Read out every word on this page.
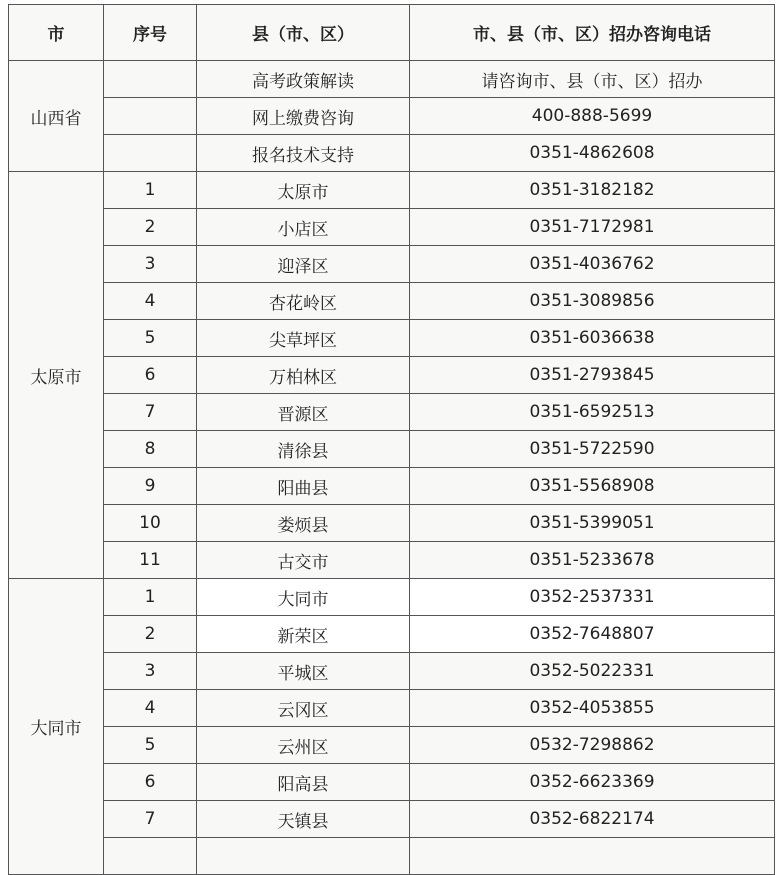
市	序号	县（市、区）	市、县（市、区）招办咨询电话
山西省		高考政策解读	请咨询市、县（市、区）招办
		网上缴费咨询	400-888-5699
		报名技术支持	0351-4862608
太原市	1	太原市	0351-3182182
	2	小店区	0351-7172981
	3	迎泽区	0351-4036762
	4	杏花岭区	0351-3089856
	5	尖草坪区	0351-6036638
	6	万柏林区	0351-2793845
	7	晋源区	0351-6592513
	8	清徐县	0351-5722590
	9	阳曲县	0351-5568908
	10	娄烦县	0351-5399051
	11	古交市	0351-5233678
大同市	1	大同市	0352-2537331
	2	新荣区	0352-7648807
	3	平城区	0352-5022331
	4	云冈区	0352-4053855
	5	云州区	0532-7298862
	6	阳高县	0352-6623369
	7	天镇县	0352-6822174
